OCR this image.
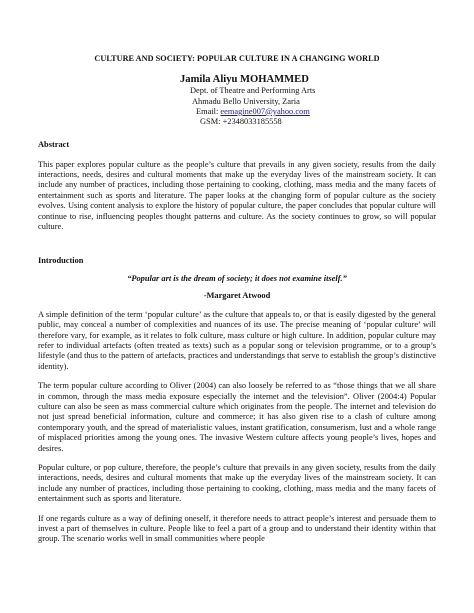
CULTURE AND SOCIETY: POPULAR CULTURE IN A CHANGING WORLD
Jamila Aliyu MOHAMMED
Dept. of Theatre and Performing Arts
Ahmadu Bello University, Zaria
Email: eemagine007@yahoo.com
GSM: +2348033185558
Abstract

This paper explores popular culture as the people’s culture that prevails in any given society, results from the daily interactions, needs, desires and cultural moments that make up the everyday lives of the mainstream society. It can include any number of practices, including those pertaining to cooking, clothing, mass media and the many facets of entertainment such as sports and literature. The paper looks at the changing form of popular culture as the society evolves. Using content analysis to explore the history of popular culture, the paper concludes that popular culture will continue to rise, influencing peoples thought patterns and culture. As the society continues to grow, so will popular culture.

Introduction
“Popular art is the dream of society; it does not examine itself.”
-Margaret Atwood

A simple definition of the term ‘popular culture’ as the culture that appeals to, or that is easily digested by the general public, may conceal a number of complexities and nuances of its use. The precise meaning of ‘popular culture’ will therefore vary, for example, as it relates to folk culture, mass culture or high culture. In addition, popular culture may refer to individual artefacts (often treated as texts) such as a popular song or television programme, or to a group’s lifestyle (and thus to the pattern of artefacts, practices and understandings that serve to establish the group’s distinctive identity).

The term popular culture according to Oliver (2004) can also loosely be referred to as “those things that we all share in common, through the mass media exposure especially the internet and the television”. Oliver (2004:4) Popular culture can also be seen as mass commercial culture which originates from the people. The internet and television do not just spread beneficial information, culture and commerce; it has also given rise to a clash of culture among contemporary youth, and the spread of materialistic values, instant gratification, consumerism, lust and a whole range of misplaced priorities among the young ones. The invasive Western culture affects young people’s lives, hopes and desires.

Popular culture, or pop culture, therefore, the people’s culture that prevails in any given society, results from the daily interactions, needs, desires and cultural moments that make up the everyday lives of the mainstream society. It can include any number of practices, including those pertaining to cooking, clothing, mass media and the many facets of entertainment such as sports and literature.

If one regards culture as a way of defining oneself, it therefore needs to attract people’s interest and persuade them to invest a part of themselves in culture. People like to feel a part of a group and to understand their identity within that group. The scenario works well in small communities where people
